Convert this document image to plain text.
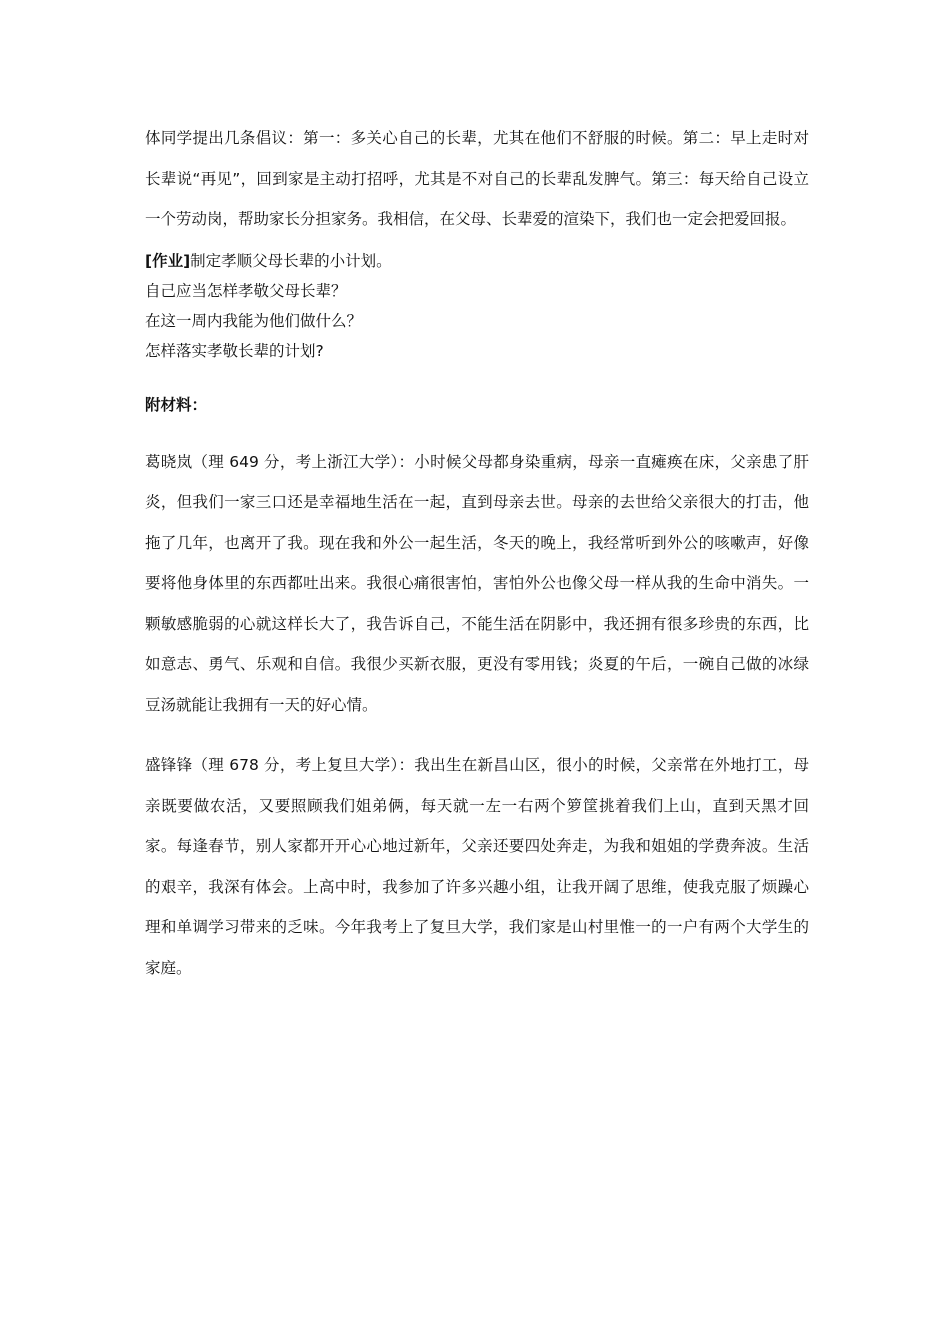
体同学提出几条倡议：第一：多关心自己的长辈，尤其在他们不舒服的时候。第二：早上走时对长辈说“再见”，回到家是主动打招呼，尤其是不对自己的长辈乱发脾气。第三：每天给自己设立一个劳动岗，帮助家长分担家务。我相信，在父母、长辈爱的渲染下，我们也一定会把爱回报。

[作业]制定孝顺父母长辈的小计划。

自己应当怎样孝敬父母长辈？

在这一周内我能为他们做什么？

怎样落实孝敬长辈的计划?

附材料：

葛晓岚（理 649 分，考上浙江大学）：小时候父母都身染重病，母亲一直瘫痪在床，父亲患了肝炎，但我们一家三口还是幸福地生活在一起，直到母亲去世。母亲的去世给父亲很大的打击，他拖了几年，也离开了我。现在我和外公一起生活，冬天的晚上，我经常听到外公的咳嗽声，好像要将他身体里的东西都吐出来。我很心痛很害怕，害怕外公也像父母一样从我的生命中消失。一颗敏感脆弱的心就这样长大了，我告诉自己，不能生活在阴影中，我还拥有很多珍贵的东西，比如意志、勇气、乐观和自信。我很少买新衣服，更没有零用钱；炎夏的午后，一碗自己做的冰绿豆汤就能让我拥有一天的好心情。

盛锋锋（理 678 分，考上复旦大学）：我出生在新昌山区，很小的时候，父亲常在外地打工，母亲既要做农活，又要照顾我们姐弟俩，每天就一左一右两个箩筐挑着我们上山，直到天黑才回家。每逢春节，别人家都开开心心地过新年，父亲还要四处奔走，为我和姐姐的学费奔波。生活的艰辛，我深有体会。上高中时，我参加了许多兴趣小组，让我开阔了思维，使我克服了烦躁心理和单调学习带来的乏味。今年我考上了复旦大学，我们家是山村里惟一的一户有两个大学生的家庭。
